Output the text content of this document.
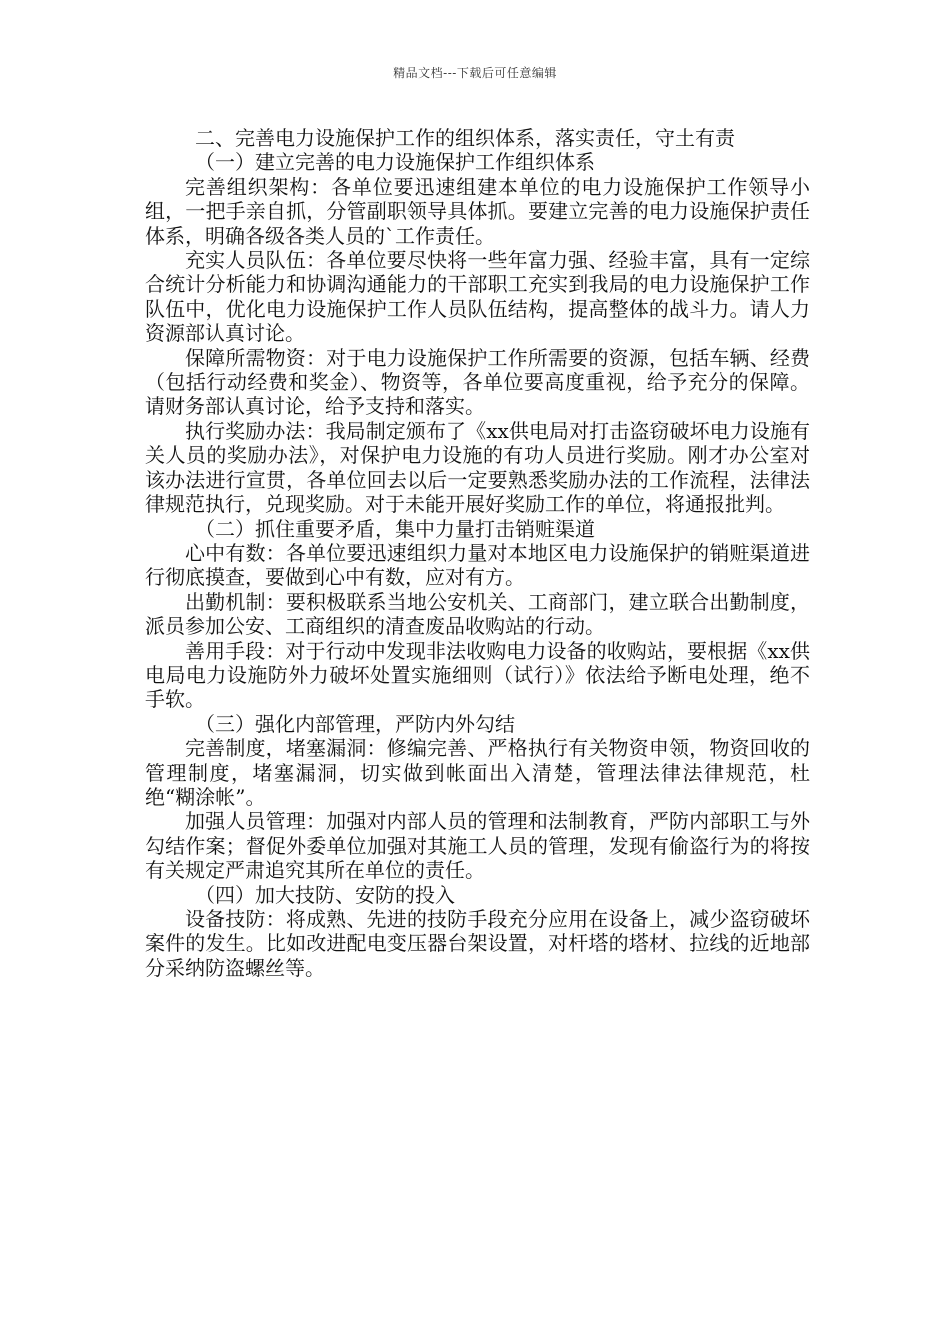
精品文档---下载后可任意编辑

二、完善电力设施保护工作的组织体系，落实责任，守土有责

（一）建立完善的电力设施保护工作组织体系

完善组织架构：各单位要迅速组建本单位的电力设施保护工作领导小组，一把手亲自抓，分管副职领导具体抓。要建立完善的电力设施保护责任体系，明确各级各类人员的`工作责任。

充实人员队伍：各单位要尽快将一些年富力强、经验丰富，具有一定综合统计分析能力和协调沟通能力的干部职工充实到我局的电力设施保护工作队伍中，优化电力设施保护工作人员队伍结构，提高整体的战斗力。请人力资源部认真讨论。

保障所需物资：对于电力设施保护工作所需要的资源，包括车辆、经费（包括行动经费和奖金）、物资等，各单位要高度重视，给予充分的保障。请财务部认真讨论，给予支持和落实。

执行奖励办法：我局制定颁布了《xx供电局对打击盗窃破坏电力设施有关人员的奖励办法》，对保护电力设施的有功人员进行奖励。刚才办公室对该办法进行宣贯，各单位回去以后一定要熟悉奖励办法的工作流程，法律法律规范执行，兑现奖励。对于未能开展好奖励工作的单位，将通报批判。

（二）抓住重要矛盾，集中力量打击销赃渠道

心中有数：各单位要迅速组织力量对本地区电力设施保护的销赃渠道进行彻底摸查，要做到心中有数，应对有方。

出勤机制：要积极联系当地公安机关、工商部门，建立联合出勤制度，派员参加公安、工商组织的清查废品收购站的行动。

善用手段：对于行动中发现非法收购电力设备的收购站，要根据《xx供电局电力设施防外力破坏处置实施细则（试行）》依法给予断电处理，绝不手软。

（三）强化内部管理，严防内外勾结

完善制度，堵塞漏洞：修编完善、严格执行有关物资申领，物资回收的管理制度，堵塞漏洞，切实做到帐面出入清楚，管理法律法律规范，杜绝“糊涂帐”。

加强人员管理：加强对内部人员的管理和法制教育，严防内部职工与外勾结作案；督促外委单位加强对其施工人员的管理，发现有偷盗行为的将按有关规定严肃追究其所在单位的责任。

（四）加大技防、安防的投入

设备技防：将成熟、先进的技防手段充分应用在设备上，减少盗窃破坏案件的发生。比如改进配电变压器台架设置，对杆塔的塔材、拉线的近地部分采纳防盗螺丝等。
